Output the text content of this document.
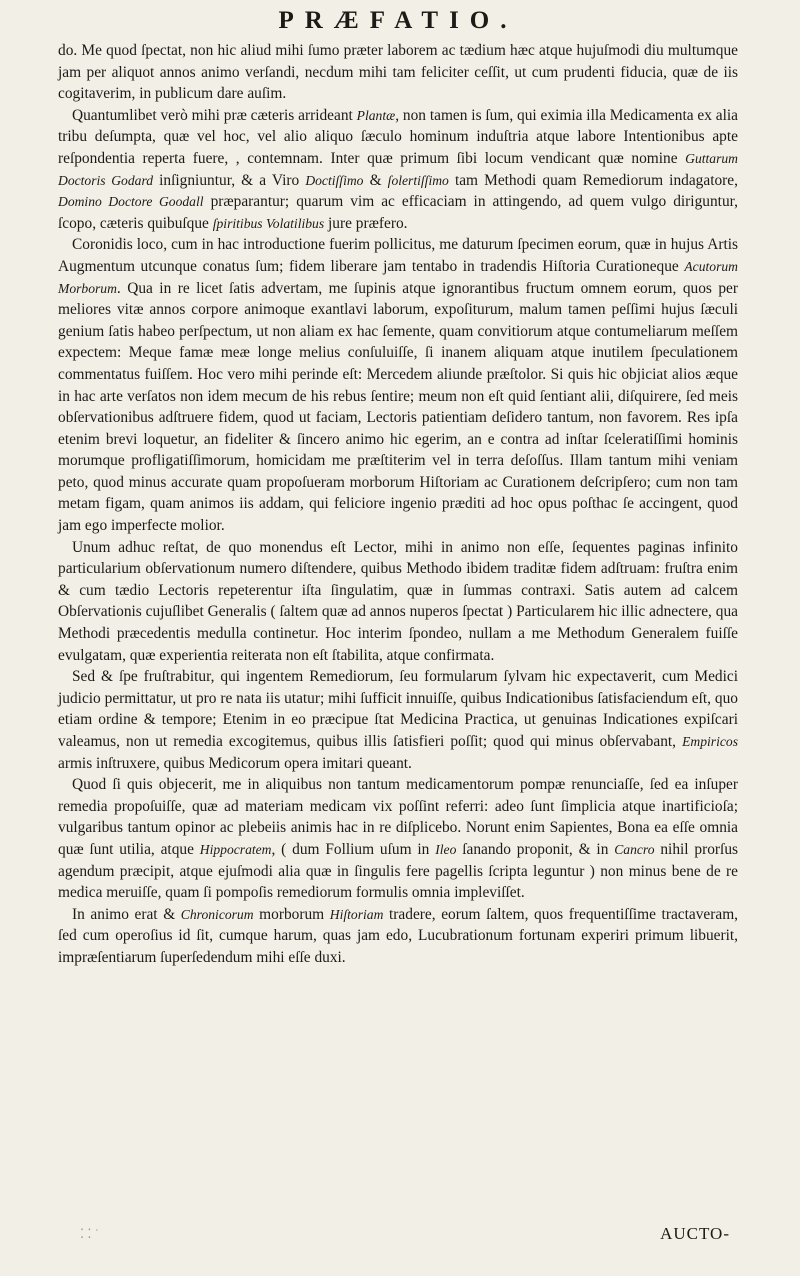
PRÆFATIO.

do. Me quod ſpectat, non hic aliud mihi ſumo præter laborem ac tædium hæc atque hujuſmodi diu multumque jam per aliquot annos animo verſandi, necdum mihi tam feliciter ceſſit, ut cum prudenti fiducia, quæ de iis cogitaverim, in publicum dare auſim.

Quantumlibet verò mihi præ cæteris arrideant Plantæ, non tamen is ſum, qui eximia illa Medicamenta ex alia tribu deſumpta, quæ vel hoc, vel alio aliquo ſæculo hominum induſtria atque labore Intentionibus apte reſpondentia reperta fuere, , contemnam. Inter quæ primum ſibi locum vendicant quæ nomine Guttarum Doctoris Godard inſigniuntur, & a Viro Doctiſſimo & ſolertiſſimo tam Methodi quam Remediorum indagatore, Domino Doctore Goodall præparantur; quarum vim ac efficaciam in attingendo, ad quem vulgo diriguntur, ſcopo, cæteris quibuſque ſpiritibus Volatilibus jure præfero.

Coronidis loco, cum in hac introductione fuerim pollicitus, me daturum ſpecimen eorum, quæ in hujus Artis Augmentum utcunque conatus ſum; fidem liberare jam tentabo in tradendis Hiſtoria Curationeque Acutorum Morborum. Qua in re licet ſatis advertam, me ſupinis atque ignorantibus fructum omnem eorum, quos per meliores vitæ annos corpore animoque exantlavi laborum, expoſiturum, malum tamen peſſimi hujus ſæculi genium ſatis habeo perſpectum, ut non aliam ex hac ſemente, quam convitiorum atque contumeliarum meſſem expectem: Meque famæ meæ longe melius conſuluiſſe, ſi inanem aliquam atque inutilem ſpeculationem commentatus fuiſſem. Hoc vero mihi perinde eſt: Mercedem aliunde præſtolor. Si quis hic objiciat alios æque in hac arte verſatos non idem mecum de his rebus ſentire; meum non eſt quid ſentiant alii, diſquirere, ſed meis obſervationibus adſtruere fidem, quod ut faciam, Lectoris patientiam deſidero tantum, non favorem. Res ipſa etenim brevi loquetur, an fideliter & ſincero animo hic egerim, an e contra ad inſtar ſceleratiſſimi hominis morumque profligatiſſimorum, homicidam me præſtiterim vel in terra deſoſſus. Illam tantum mihi veniam peto, quod minus accurate quam propoſueram morborum Hiſtoriam ac Curationem deſcripſero; cum non tam metam figam, quam animos iis addam, qui feliciore ingenio præditi ad hoc opus poſthac ſe accingent, quod jam ego imperfecte molior.

Unum adhuc reſtat, de quo monendus eſt Lector, mihi in animo non eſſe, ſequentes paginas infinito particularium obſervationum numero diſtendere, quibus Methodo ibidem traditæ fidem adſtruam: fruſtra enim & cum tædio Lectoris repeterentur iſta ſingulatim, quæ in ſummas contraxi. Satis autem ad calcem Obſervationis cujuſlibet Generalis ( ſaltem quæ ad annos nuperos ſpectat ) Particularem hic illic adnectere, qua Methodi præcedentis medulla continetur. Hoc interim ſpondeo, nullam a me Methodum Generalem fuiſſe evulgatam, quæ experientia reiterata non eſt ſtabilita, atque confirmata.

Sed & ſpe fruſtrabitur, qui ingentem Remediorum, ſeu formularum ſylvam hic expectaverit, cum Medici judicio permittatur, ut pro re nata iis utatur; mihi ſufficit innuiſſe, quibus Indicationibus ſatisfaciendum eſt, quo etiam ordine & tempore; Etenim in eo præcipue ſtat Medicina Practica, ut genuinas Indicationes expiſcari valeamus, non ut remedia excogitemus, quibus illis ſatisfieri poſſit; quod qui minus obſervabant, Empiricos armis inſtruxere, quibus Medicorum opera imitari queant.

Quod ſi quis objecerit, me in aliquibus non tantum medicamentorum pompæ renunciaſſe, ſed ea inſuper remedia propoſuiſſe, quæ ad materiam medicam vix poſſint referri: adeo ſunt ſimplicia atque inartificioſa; vulgaribus tantum opinor ac plebeiis animis hac in re diſplicebo. Norunt enim Sapientes, Bona ea eſſe omnia quæ ſunt utilia, atque Hippocratem, ( dum Follium uſum in Ileo ſanando proponit, & in Cancro nihil prorſus agendum præcipit, atque ejuſmodi alia quæ in ſingulis fere pagellis ſcripta leguntur ) non minus bene de re medica meruiſſe, quam ſi pompoſis remediorum formulis omnia impleviſſet.

In animo erat & Chronicorum morborum Hiſtoriam tradere, eorum ſaltem, quos frequentiſſime tractaveram, ſed cum operoſius id ſit, cumque harum, quas jam edo, Lucubrationum fortunam experiri primum libuerit, impræſentiarum ſuperſedendum mihi eſſe duxi.

⁚ ⁚ ˈ	AUCTO-
